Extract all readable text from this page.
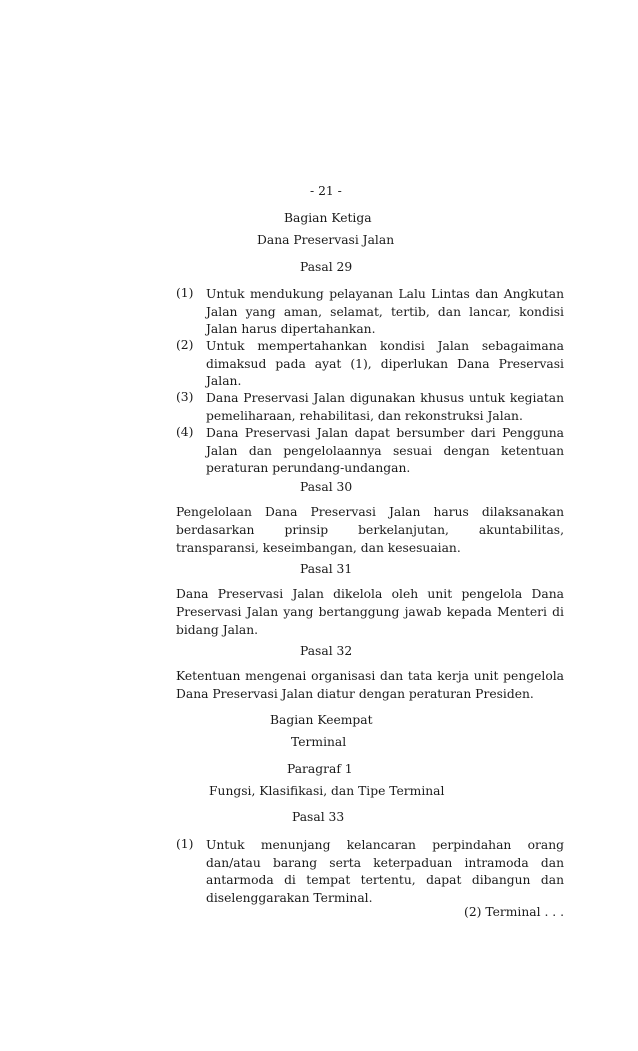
- 21 -
Bagian Ketiga
Dana Preservasi Jalan
Pasal 29
(1)	Untuk mendukung pelayanan Lalu Lintas dan Angkutan Jalan yang aman, selamat, tertib, dan lancar, kondisi Jalan harus dipertahankan.
(2)	Untuk mempertahankan kondisi Jalan sebagaimana dimaksud pada ayat (1), diperlukan Dana Preservasi Jalan.
(3)	Dana Preservasi Jalan digunakan khusus untuk kegiatan pemeliharaan, rehabilitasi, dan rekonstruksi Jalan.
(4)	Dana Preservasi Jalan dapat bersumber dari Pengguna Jalan dan pengelolaannya sesuai dengan ketentuan peraturan perundang-undangan.
Pasal 30

Pengelolaan Dana Preservasi Jalan harus dilaksanakan berdasarkan prinsip berkelanjutan, akuntabilitas, transparansi, keseimbangan, dan kesesuaian.

Pasal 31

Dana Preservasi Jalan dikelola oleh unit pengelola Dana Preservasi Jalan yang bertanggung jawab kepada Menteri di bidang Jalan.

Pasal 32

Ketentuan mengenai organisasi dan tata kerja unit pengelola Dana Preservasi Jalan diatur dengan peraturan Presiden.

Bagian Keempat
Terminal
Paragraf 1
Fungsi, Klasifikasi, dan Tipe Terminal
Pasal 33
(1)	Untuk menunjang kelancaran perpindahan orang dan/atau barang serta keterpaduan intramoda dan antarmoda di tempat tertentu, dapat dibangun dan diselenggarakan Terminal.
(2) Terminal . . .
